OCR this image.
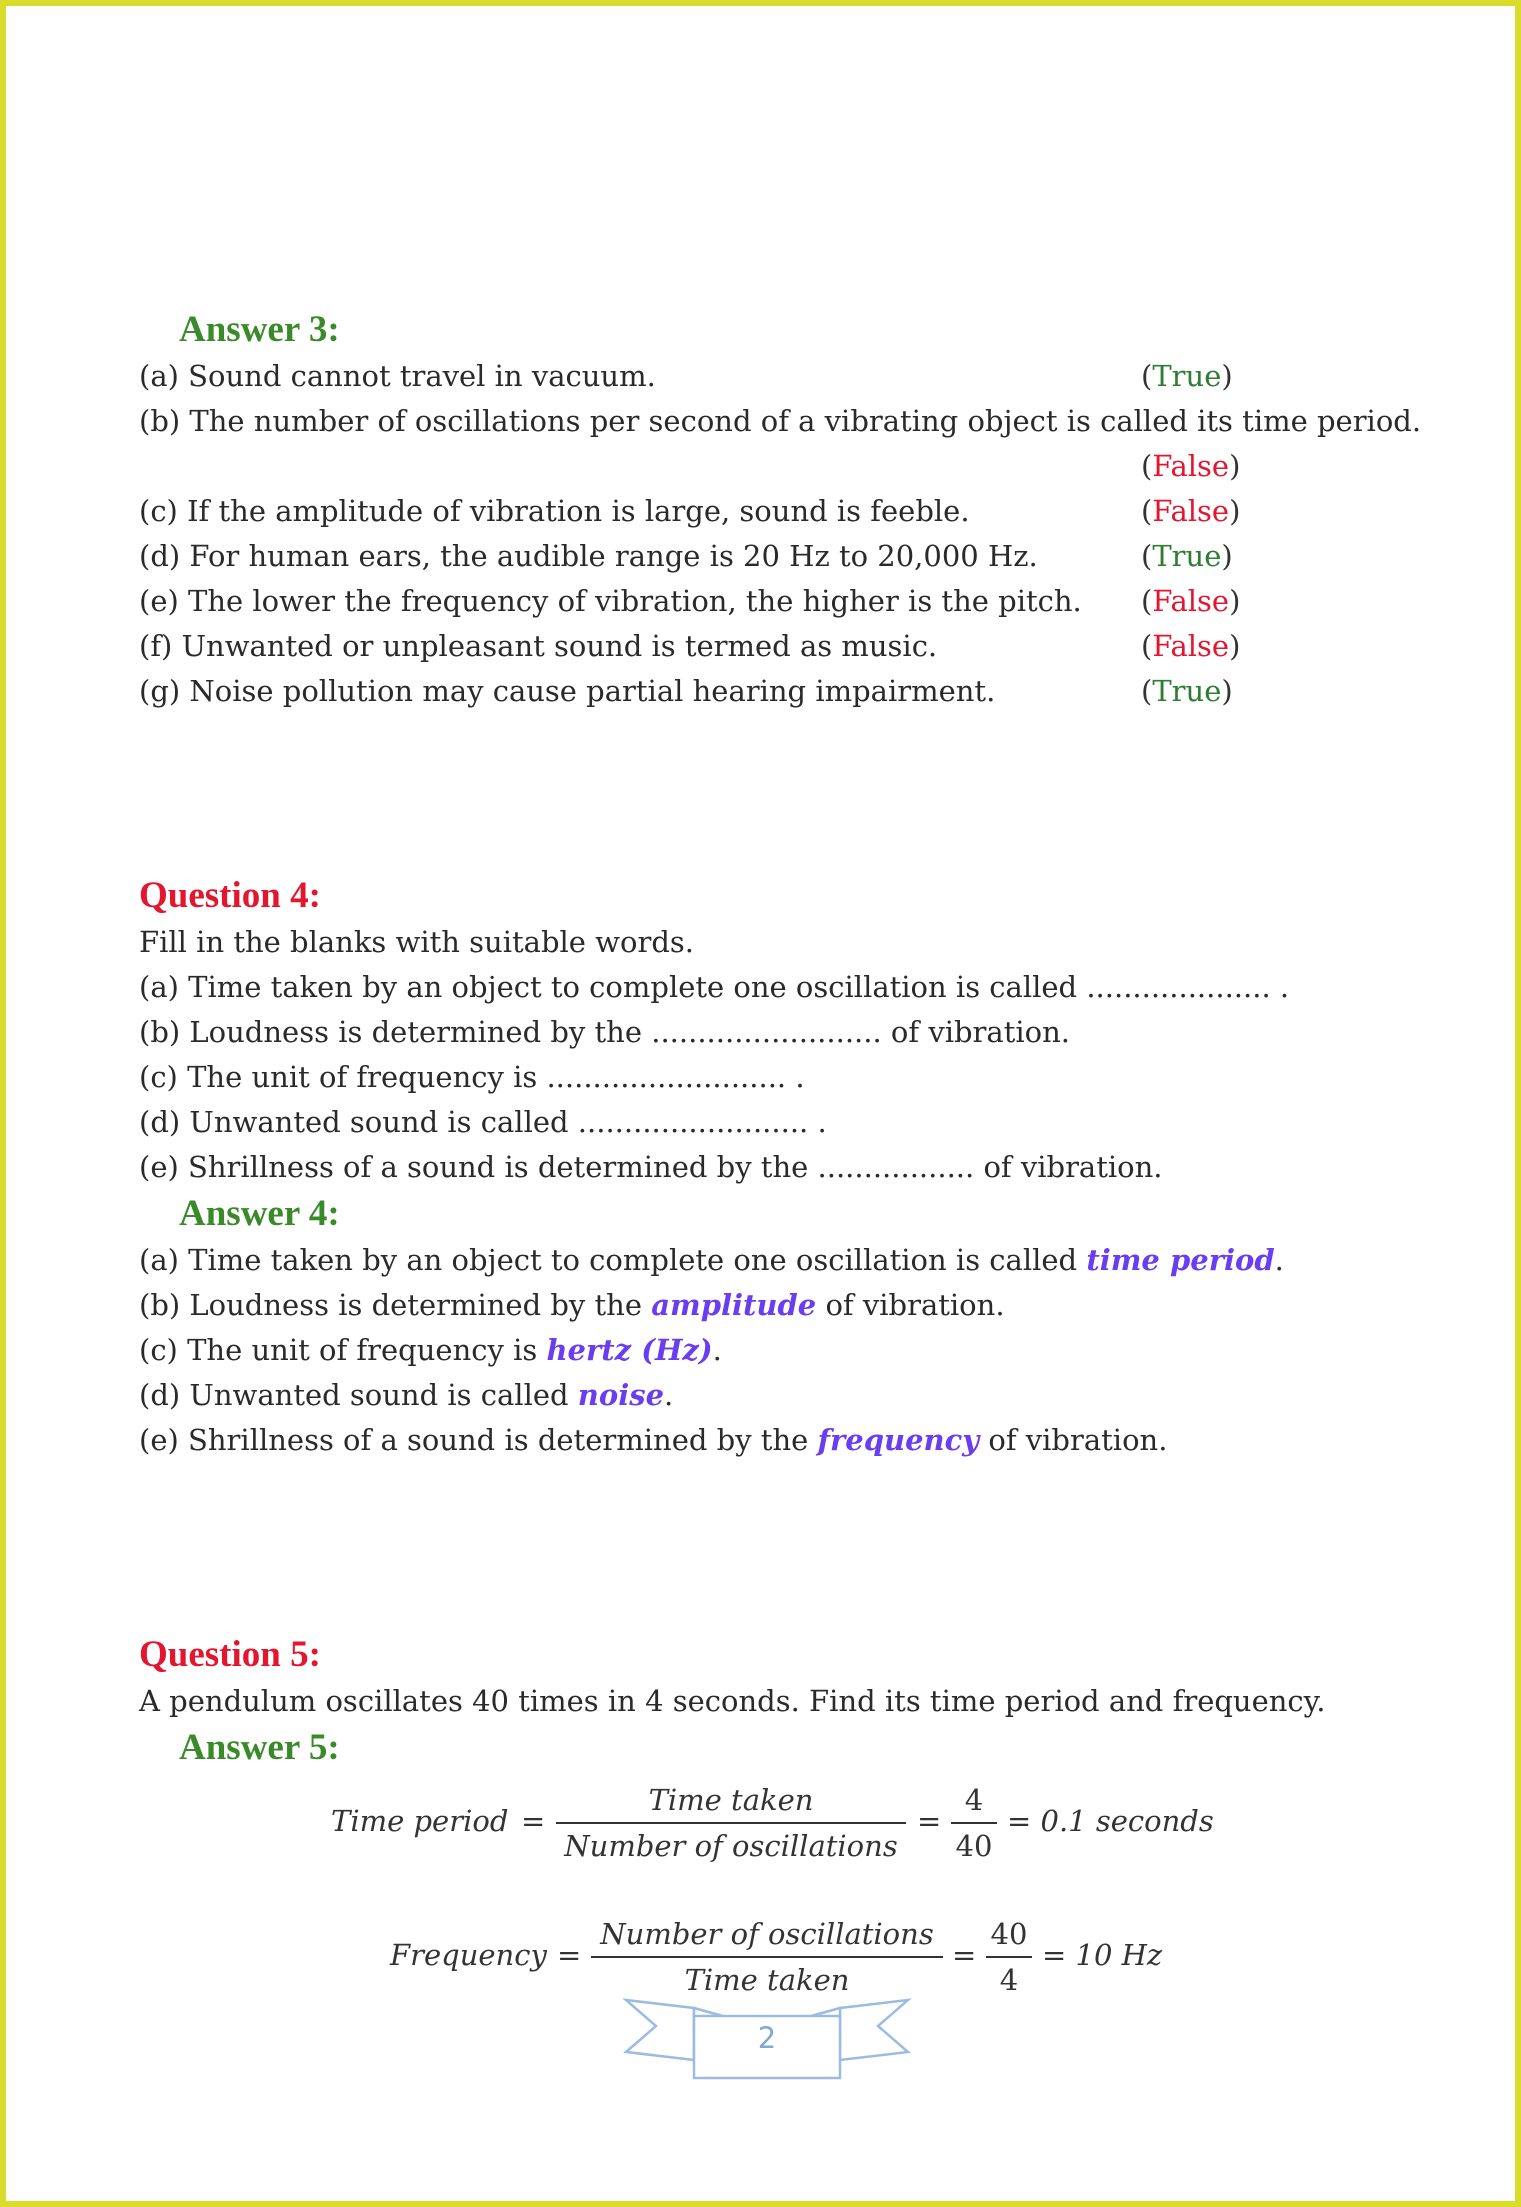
Answer 3:
(a) Sound cannot travel in vacuum.	(True)
(b) The number of oscillations per second of a vibrating object is called its time period.
(False)

(c) If the amplitude of vibration is large, sound is feeble.	(False)
(d) For human ears, the audible range is 20 Hz to 20,000 Hz.	(True)
(e) The lower the frequency of vibration, the higher is the pitch. (False)
(f) Unwanted or unpleasant sound is termed as music.	(False)
(g) Noise pollution may cause partial hearing impairment.	(True)
Question 4:
Fill in the blanks with suitable words.
(a) Time taken by an object to complete one oscillation is called .................... .
(b) Loudness is determined by the ......................... of vibration.
(c) The unit of frequency is .......................... .
(d) Unwanted sound is called ......................... .
(e) Shrillness of a sound is determined by the ................. of vibration.
Answer 4:
(a) Time taken by an object to complete one oscillation is called time period.
(b) Loudness is determined by the amplitude of vibration.
(c) The unit of frequency is hertz (Hz).
(d) Unwanted sound is called noise.
(e) Shrillness of a sound is determined by the frequency of vibration.
Question 5:
A pendulum oscillates 40 times in 4 seconds. Find its time period and frequency.
Answer 5:
Time period =
Time taken
Number of oscillations
= $\frac{4}{40} = 0.1$ seconds
Frequency =
Number of oscillations
Time taken
= $\frac{40}{4} = 10$ Hz
2
